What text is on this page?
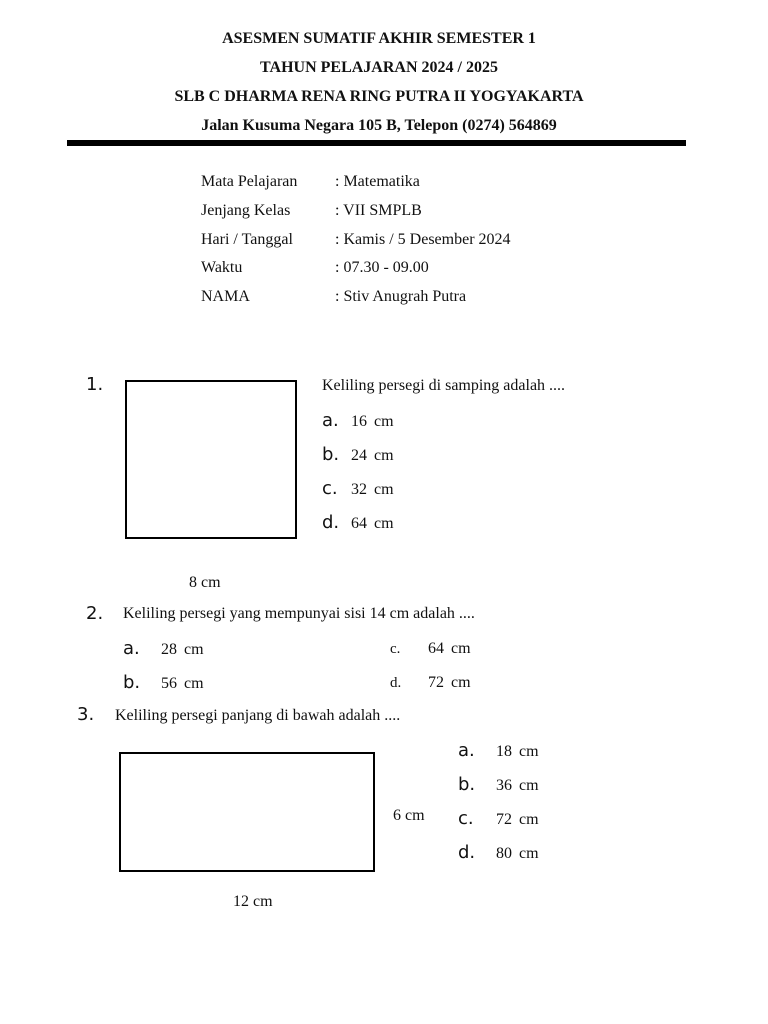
ASESMEN SUMATIF AKHIR SEMESTER 1
TAHUN PELAJARAN 2024 / 2025
SLB C DHARMA RENA RING PUTRA II YOGYAKARTA
Jalan Kusuma Negara 105 B, Telepon (0274) 564869
Mata Pelajaran : Matematika
Jenjang Kelas	: VII SMPLB
Hari / Tanggal	: Kamis / 5 Desember 2024
Waktu	: 07.30 - 09.00
NAMA	: Stiv Anugrah Putra
1.
8 cm
Keliling persegi di samping adalah ....
a. 16 cm
b. 24 cm
c. 32 cm
d. 64 cm
2. Keliling persegi yang mempunyai sisi 14 cm adalah ....
a. 28 cm
b. 56 cm
c. 64 cm
d. 72 cm
3. Keliling persegi panjang di bawah adalah ....
6 cm
12 cm
a. 18 cm
b. 36 cm
c. 72 cm
d. 80 cm
